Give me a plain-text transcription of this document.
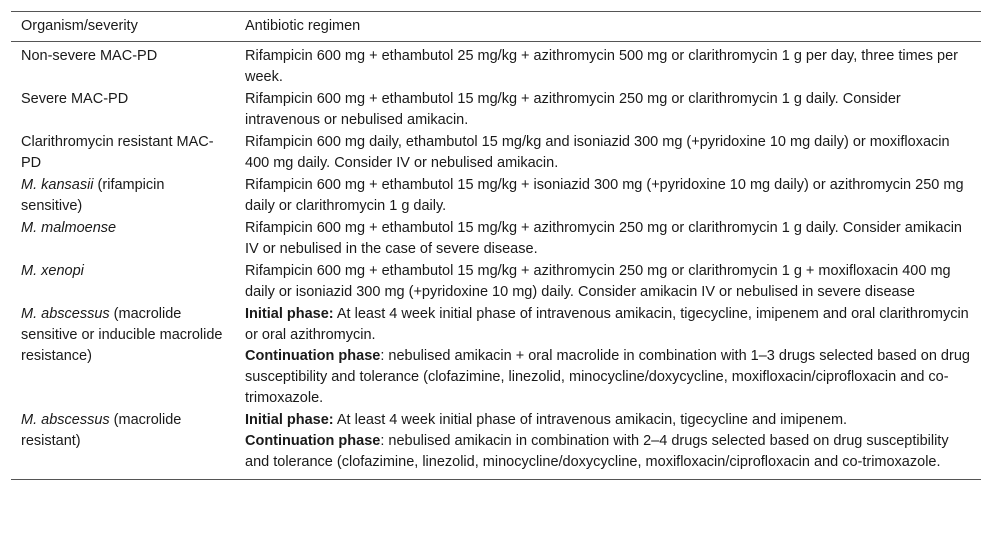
Organism/severity	Antibiotic regimen
Non-severe MAC-PD	Rifampicin 600 mg + ethambutol 25 mg/kg + azithromycin 500 mg or clarithromycin 1 g per day, three times per week.
Severe MAC-PD	Rifampicin 600 mg + ethambutol 15 mg/kg + azithromycin 250 mg or clarithromycin 1 g daily. Consider intravenous or nebulised amikacin.
Clarithromycin resistant MAC-PD	Rifampicin 600 mg daily, ethambutol 15 mg/kg and isoniazid 300 mg (+pyridoxine 10 mg daily) or moxifloxacin 400 mg daily. Consider IV or nebulised amikacin.
M. kansasii (rifampicin sensitive)	Rifampicin 600 mg + ethambutol 15 mg/kg + isoniazid 300 mg (+pyridoxine 10 mg daily) or azithromycin 250 mg daily or clarithromycin 1 g daily.
M. malmoense	Rifampicin 600 mg + ethambutol 15 mg/kg + azithromycin 250 mg or clarithromycin 1 g daily. Consider amikacin IV or nebulised in the case of severe disease.
M. xenopi	Rifampicin 600 mg + ethambutol 15 mg/kg + azithromycin 250 mg or clarithromycin 1 g + moxifloxacin 400 mg daily or isoniazid 300 mg (+pyridoxine 10 mg) daily. Consider amikacin IV or nebulised in severe disease
M. abscessus (macrolide sensitive or inducible macrolide resistance)	Initial phase: At least 4 week initial phase of intravenous amikacin, tigecycline, imipenem and oral clarithromycin or oral azithromycin.
Continuation phase: nebulised amikacin + oral macrolide in combination with 1–3 drugs selected based on drug susceptibility and tolerance (clofazimine, linezolid, minocycline/doxycycline, moxifloxacin/ciprofloxacin and co-trimoxazole.

M. abscessus (macrolide resistant)	Initial phase: At least 4 week initial phase of intravenous amikacin, tigecycline and imipenem.
Continuation phase: nebulised amikacin in combination with 2–4 drugs selected based on drug susceptibility and tolerance (clofazimine, linezolid, minocycline/doxycycline, moxifloxacin/ciprofloxacin and co-trimoxazole.
